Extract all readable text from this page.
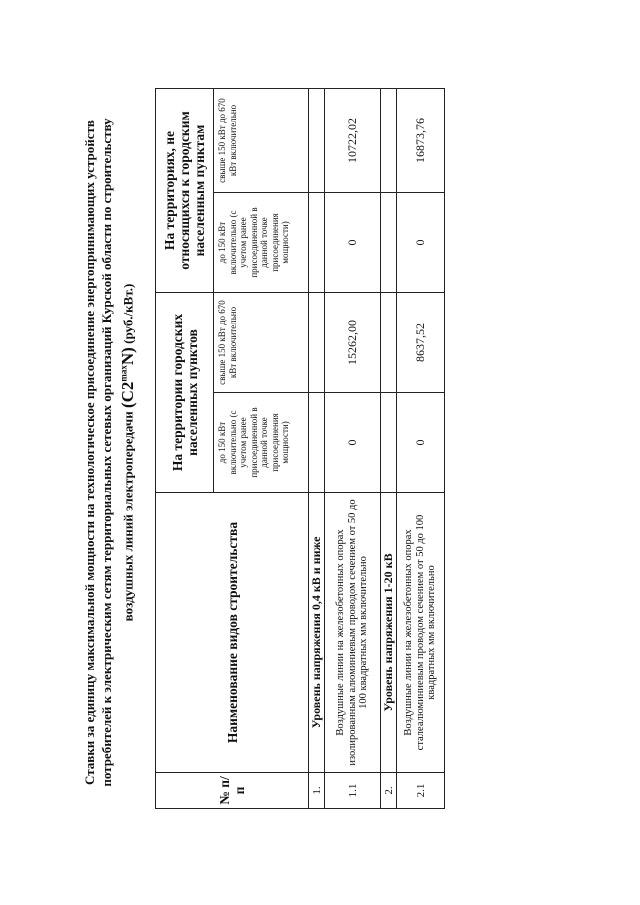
Ставки за единицу максимальной мощности на технологическое присоединение энергопринимающих устройств потребителей к электрическим сетям территориальных сетевых организаций Курской области по строительству воздушных линий электропередачи $(C2^{max}N)$ (руб./кВт.)
№ п/п	Наименование видов строительства	На территории городских населенных пунктов		На территориях, не относящихся к городским населенным пунктам	
		до 150 кВт включительно (с учетом ранее присоединенной в данной точке присоединения мощности)	свыше 150 кВт до 670 кВт включительно	до 150 кВт включительно (с учетом ранее присоединенной в данной точке присоединения мощности)	свыше 150 кВт до 670 кВт включительно
1.	Уровень напряжения 0,4 кВ и ниже				
1.1	Воздушные линии на железобетонных опорах изолированным алюминиевым проводом сечением от 50 до 100 квадратных мм включительно	0	15262,00	0	10722,02
2.	Уровень напряжения 1-20 кВ				
2.1	Воздушные линии на железобетонных опорах сталеалюминиевым проводом сечением от 50 до 100 квадратных мм включительно	0	8637,52	0	16873,76
